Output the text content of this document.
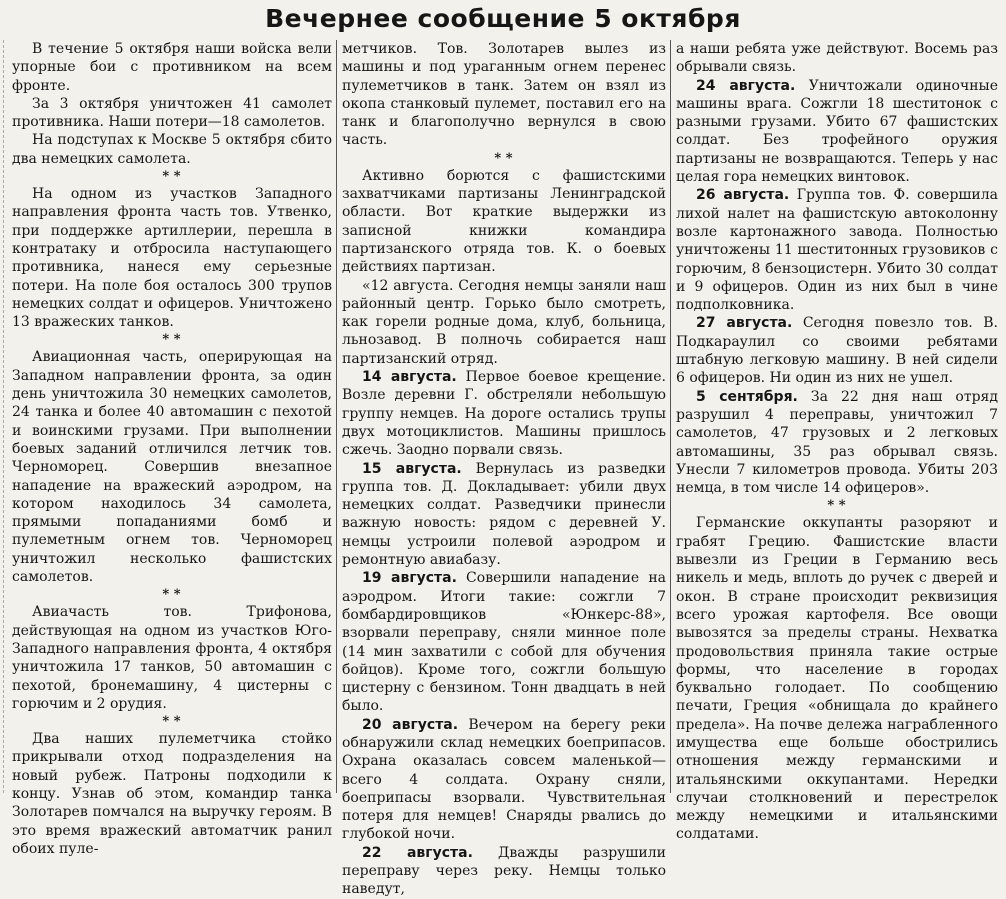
Вечернее сообщение 5 октября

В течение 5 октября наши войска вели упорные бои с противником на всем фронте.

За 3 октября уничтожен 41 самолет противника. Наши потери—18 самолетов.

На подступах к Москве 5 октября сбито два немецких самолета.

* *

На одном из участков Западного направления фронта часть тов. Утвенко, при поддержке артиллерии, перешла в контратаку и отбросила наступающего противника, нанеся ему серьезные потери. На поле боя осталось 300 трупов немецких солдат и офицеров. Уничтожено 13 вражеских танков.

* *

Авиационная часть, оперирующая на Западном направлении фронта, за один день уничтожила 30 немецких самолетов, 24 танка и более 40 автомашин с пехотой и воинскими грузами. При выполнении боевых заданий отличился летчик тов. Черноморец. Совершив внезапное нападение на вражеский аэродром, на котором находилось 34 самолета, прямыми попаданиями бомб и пулеметным огнем тов. Черноморец уничтожил несколько фашистских самолетов.

* *

Авиачасть тов. Трифонова, действующая на одном из участков Юго-Западного направления фронта, 4 октября уничтожила 17 танков, 50 автомашин с пехотой, бронемашину, 4 цистерны с горючим и 2 орудия.

* *

Два наших пулеметчика стойко прикрывали отход подразделения на новый рубеж. Патроны подходили к концу. Узнав об этом, командир танка Золотарев помчался на выручку героям. В это время вражеский автоматчик ранил обоих пуле-

метчиков. Тов. Золотарев вылез из машины и под ураганным огнем перенес пулеметчиков в танк. Затем он взял из окопа станковый пулемет, поставил его на танк и благополучно вернулся в свою часть.

* *

Активно борются с фашистскими захватчиками партизаны Ленинградской области. Вот краткие выдержки из записной книжки командира партизанского отряда тов. К. о боевых действиях партизан.

«12 августа. Сегодня немцы заняли наш районный центр. Горько было смотреть, как горели родные дома, клуб, больница, льнозавод. В полночь собирается наш партизанский отряд.

14 августа. Первое боевое крещение. Возле деревни Г. обстреляли небольшую группу немцев. На дороге остались трупы двух мотоциклистов. Машины пришлось сжечь. Заодно порвали связь.

15 августа. Вернулась из разведки группа тов. Д. Докладывает: убили двух немецких солдат. Разведчики принесли важную новость: рядом с деревней У. немцы устроили полевой аэродром и ремонтную авиабазу.

19 августа. Совершили нападение на аэродром. Итоги такие: сожгли 7 бомбардировщиков «Юнкерс-88», взорвали переправу, сняли минное поле (14 мин захватили с собой для обучения бойцов). Кроме того, сожгли большую цистерну с бензином. Тонн двадцать в ней было.

20 августа. Вечером на берегу реки обнаружили склад немецких боеприпасов. Охрана оказалась совсем маленькой—всего 4 солдата. Охрану сняли, боеприпасы взорвали. Чувствительная потеря для немцев! Снаряды рвались до глубокой ночи.

22 августа. Дважды разрушили переправу через реку. Немцы только наведут,

а наши ребята уже действуют. Восемь раз обрывали связь.

24 августа. Уничтожали одиночные машины врага. Сожгли 18 шеститонок с разными грузами. Убито 67 фашистских солдат. Без трофейного оружия партизаны не возвращаются. Теперь у нас целая гора немецких винтовок.

26 августа. Группа тов. Ф. совершила лихой налет на фашистскую автоколонну возле картонажного завода. Полностью уничтожены 11 шеститонных грузовиков с горючим, 8 бензоцистерн. Убито 30 солдат и 9 офицеров. Один из них был в чине подполковника.

27 августа. Сегодня повезло тов. В. Подкараулил со своими ребятами штабную легковую машину. В ней сидели 6 офицеров. Ни один из них не ушел.

5 сентября. За 22 дня наш отряд разрушил 4 переправы, уничтожил 7 самолетов, 47 грузовых и 2 легковых автомашины, 35 раз обрывал связь. Унесли 7 километров провода. Убиты 203 немца, в том числе 14 офицеров».

* *

Германские оккупанты разоряют и грабят Грецию. Фашистские власти вывезли из Греции в Германию весь никель и медь, вплоть до ручек с дверей и окон. В стране происходит реквизиция всего урожая картофеля. Все овощи вывозятся за пределы страны. Нехватка продовольствия приняла такие острые формы, что население в городах буквально голодает. По сообщению печати, Греция «обнищала до крайнего предела». На почве дележа награбленного имущества еще больше обострились отношения между германскими и итальянскими оккупантами. Нередки случаи столкновений и перестрелок между немецкими и итальянскими солдатами.
